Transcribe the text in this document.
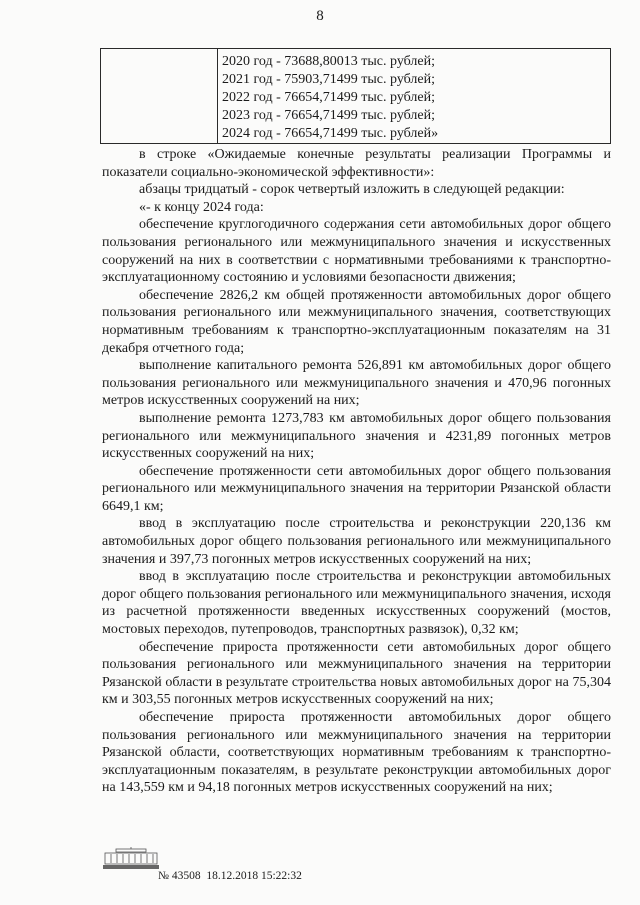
8

2020 год - 73688,80013 тыс. рублей;
2021 год - 75903,71499 тыс. рублей;
2022 год - 76654,71499 тыс. рублей;
2023 год - 76654,71499 тыс. рублей;
2024 год - 76654,71499 тыс. рублей»

в строке «Ожидаемые конечные результаты реализации Программы и показатели социально-экономической эффективности»:

абзацы тридцатый - сорок четвертый изложить в следующей редакции:

«- к концу 2024 года:

обеспечение круглогодичного содержания сети автомобильных дорог общего пользования регионального или межмуниципального значения и искусственных сооружений на них в соответствии с нормативными требованиями к транспортно-эксплуатационному состоянию и условиями безопасности движения;

обеспечение 2826,2 км общей протяженности автомобильных дорог общего пользования регионального или межмуниципального значения, соответствующих нормативным требованиям к транспортно-эксплуатационным показателям на 31 декабря отчетного года;

выполнение капитального ремонта 526,891 км автомобильных дорог общего пользования регионального или межмуниципального значения и 470,96 погонных метров искусственных сооружений на них;

выполнение ремонта 1273,783 км автомобильных дорог общего пользования регионального или межмуниципального значения и 4231,89 погонных метров искусственных сооружений на них;

обеспечение протяженности сети автомобильных дорог общего пользования регионального или межмуниципального значения на территории Рязанской области 6649,1 км;

ввод в эксплуатацию после строительства и реконструкции 220,136 км автомобильных дорог общего пользования регионального или межмуниципального значения и 397,73 погонных метров искусственных сооружений на них;

ввод в эксплуатацию после строительства и реконструкции автомобильных дорог общего пользования регионального или межмуниципального значения, исходя из расчетной протяженности введенных искусственных сооружений (мостов, мостовых переходов, путепроводов, транспортных развязок), 0,32 км;

обеспечение прироста протяженности сети автомобильных дорог общего пользования регионального или межмуниципального значения на территории Рязанской области в результате строительства новых автомобильных дорог на 75,304 км и 303,55 погонных метров искусственных сооружений на них;

обеспечение прироста протяженности автомобильных дорог общего пользования регионального или межмуниципального значения на территории Рязанской области, соответствующих нормативным требованиям к транспортно-эксплуатационным показателям, в результате реконструкции автомобильных дорог на 143,559 км и 94,18 погонных метров искусственных сооружений на них;

№ 43508 18.12.2018 15:22:32
